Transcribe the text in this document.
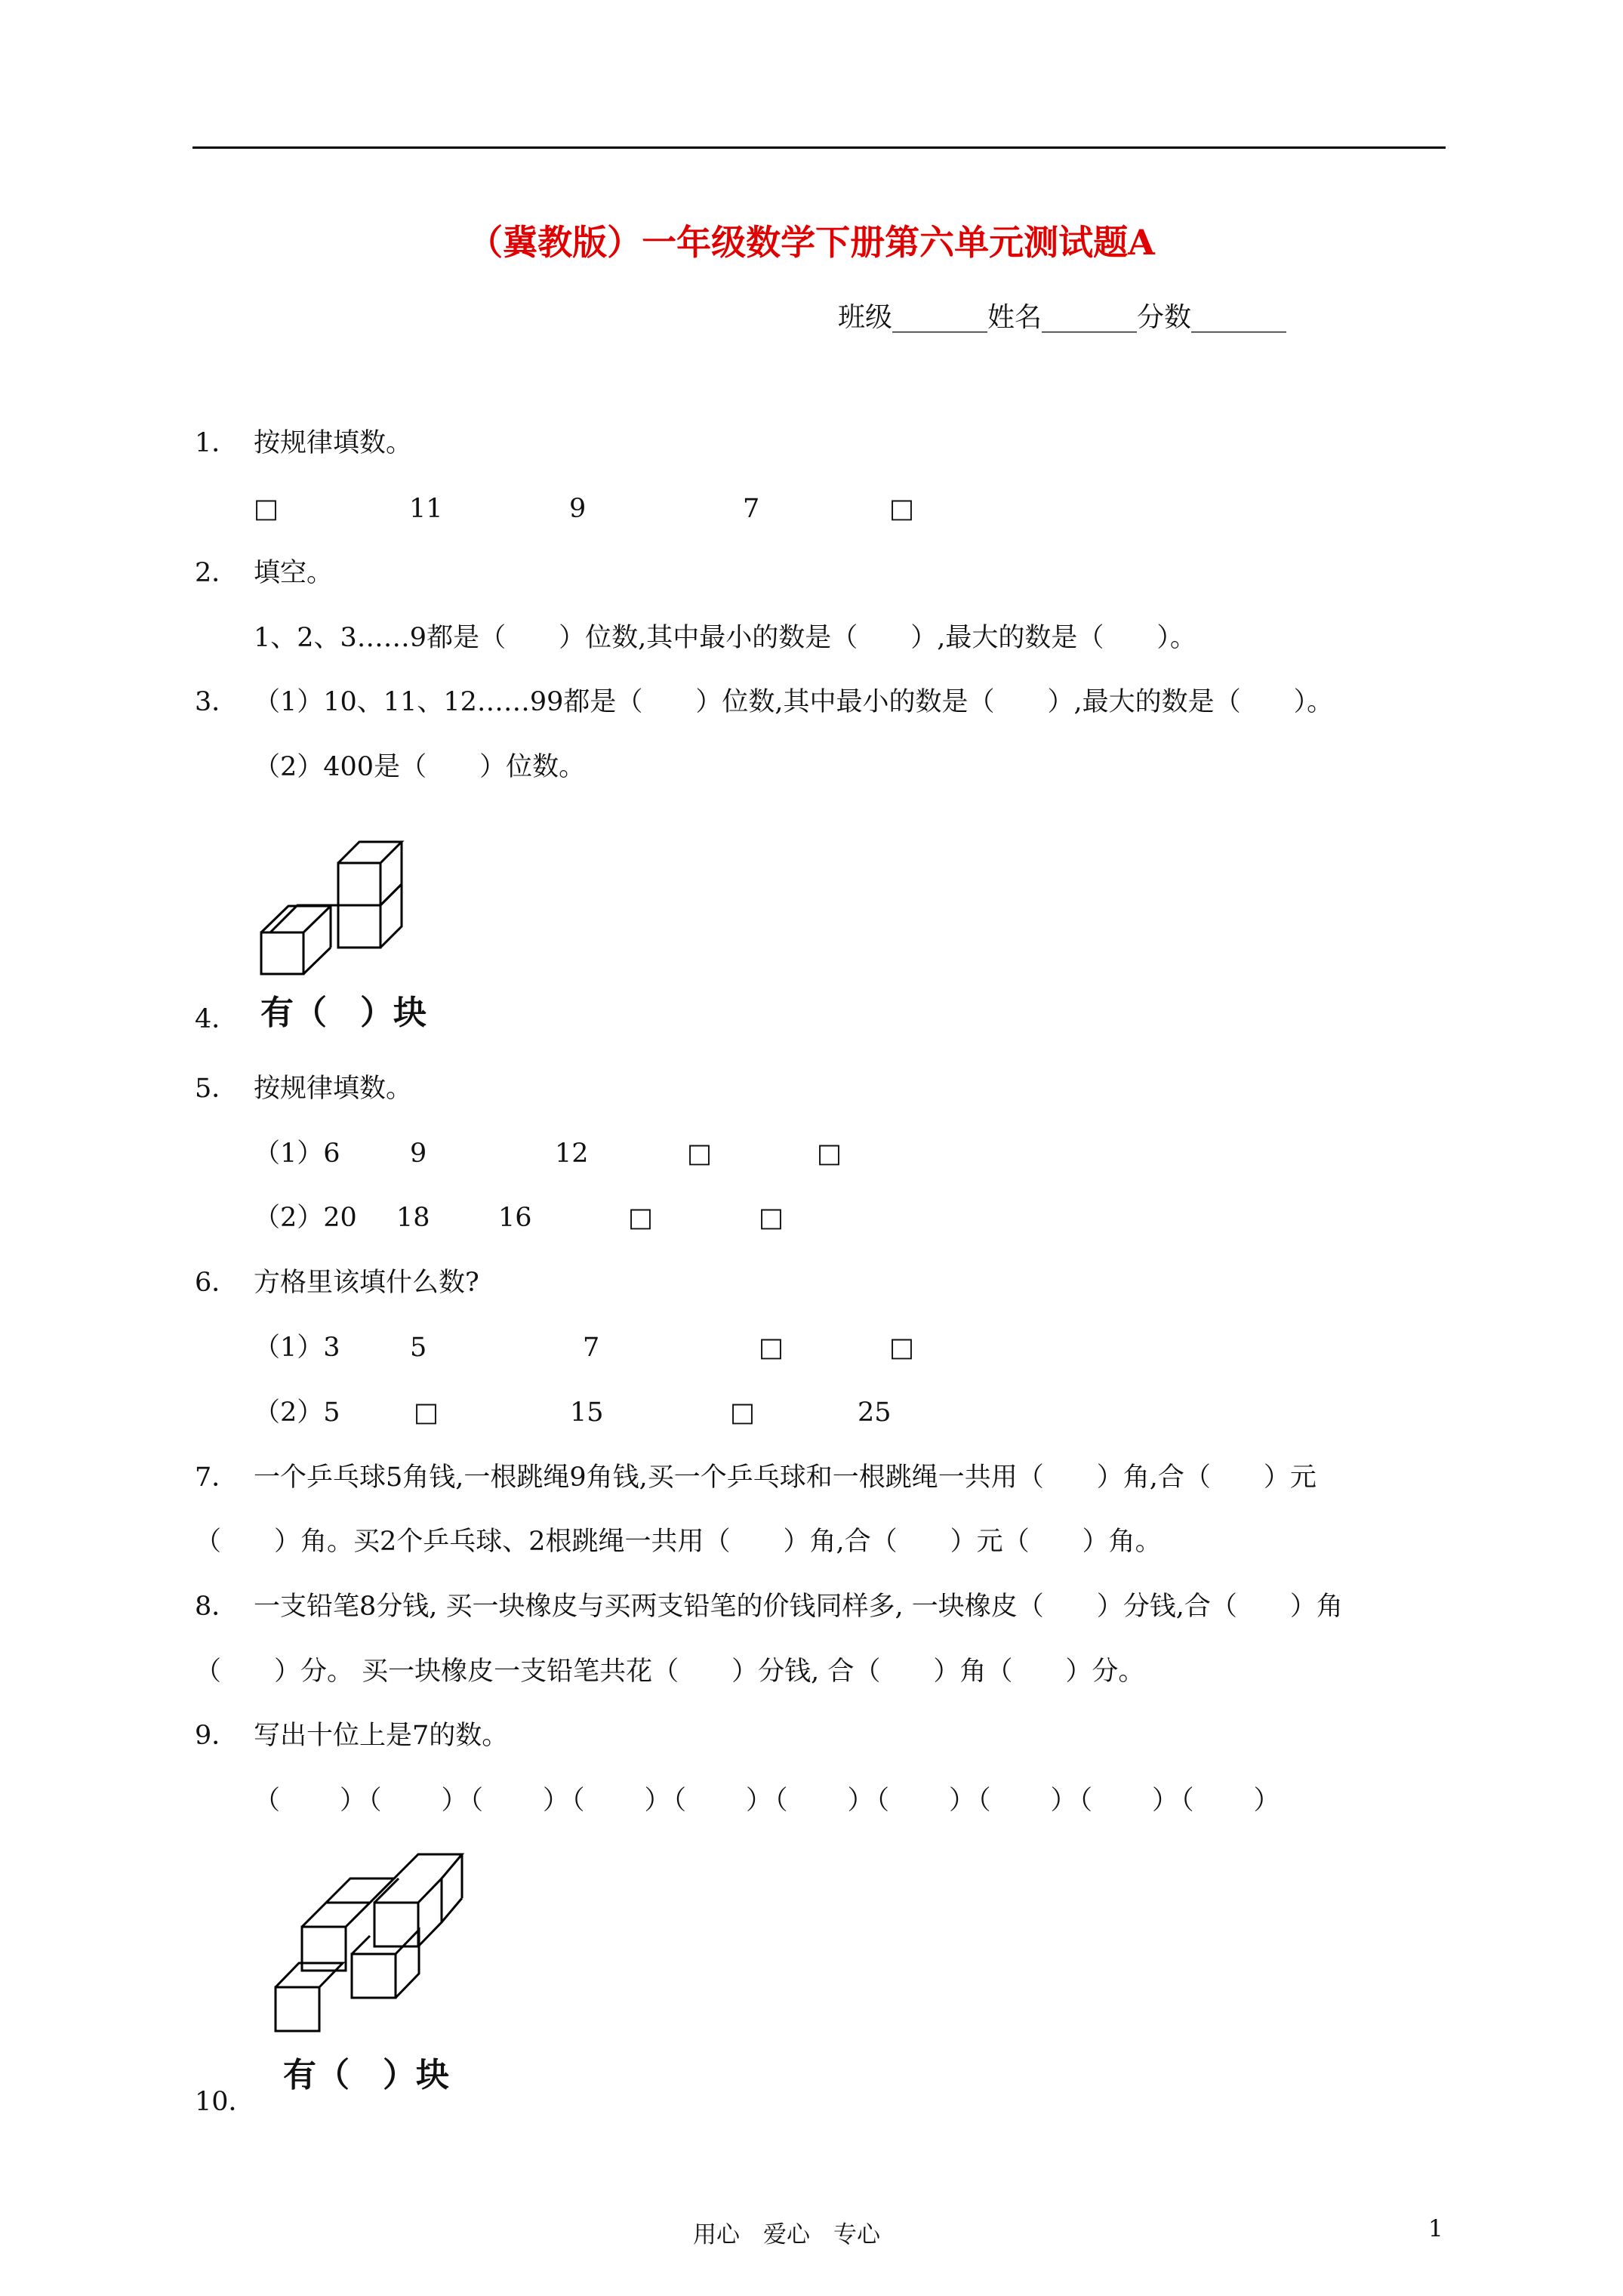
（冀教版）一年级数学下册第六单元测试题A
班级_______姓名_______分数_______
1． 按规律填数。
□	11	9	7	□
2． 填空。
1、2、3……9都是（　　）位数,其中最小的数是（　　）,最大的数是（　　）。
3． （1）10、11、12……99都是（　　）位数,其中最小的数是（　　）,最大的数是（　　）。
（2）400是（　　）位数。
4． 有（　）块
5． 按规律填数。
（1）6	9	12	□	□
（2）20 18	16	□	□
6． 方格里该填什么数?
（1）3	5	7	□	□
（2）5	□	15	□	25
7． 一个乒乓球5角钱,一根跳绳9角钱,买一个乒乓球和一根跳绳一共用（　　）角,合（　　）元
（　　）角。买2个乒乓球、2根跳绳一共用（　　）角,合（　　）元（　　）角。
8． 一支铅笔8分钱, 买一块橡皮与买两支铅笔的价钱同样多, 一块橡皮（　　）分钱,合（　　）角
（　　）分。 买一块橡皮一支铅笔共花（　　）分钱, 合（　　）角（　　）分。
9． 写出十位上是7的数。
（　　）（　　）（　　）（　　）（　　）（　　）（　　）（　　）（　　）（　　）
10．
有（　）块
用心　爱心　专心	1
